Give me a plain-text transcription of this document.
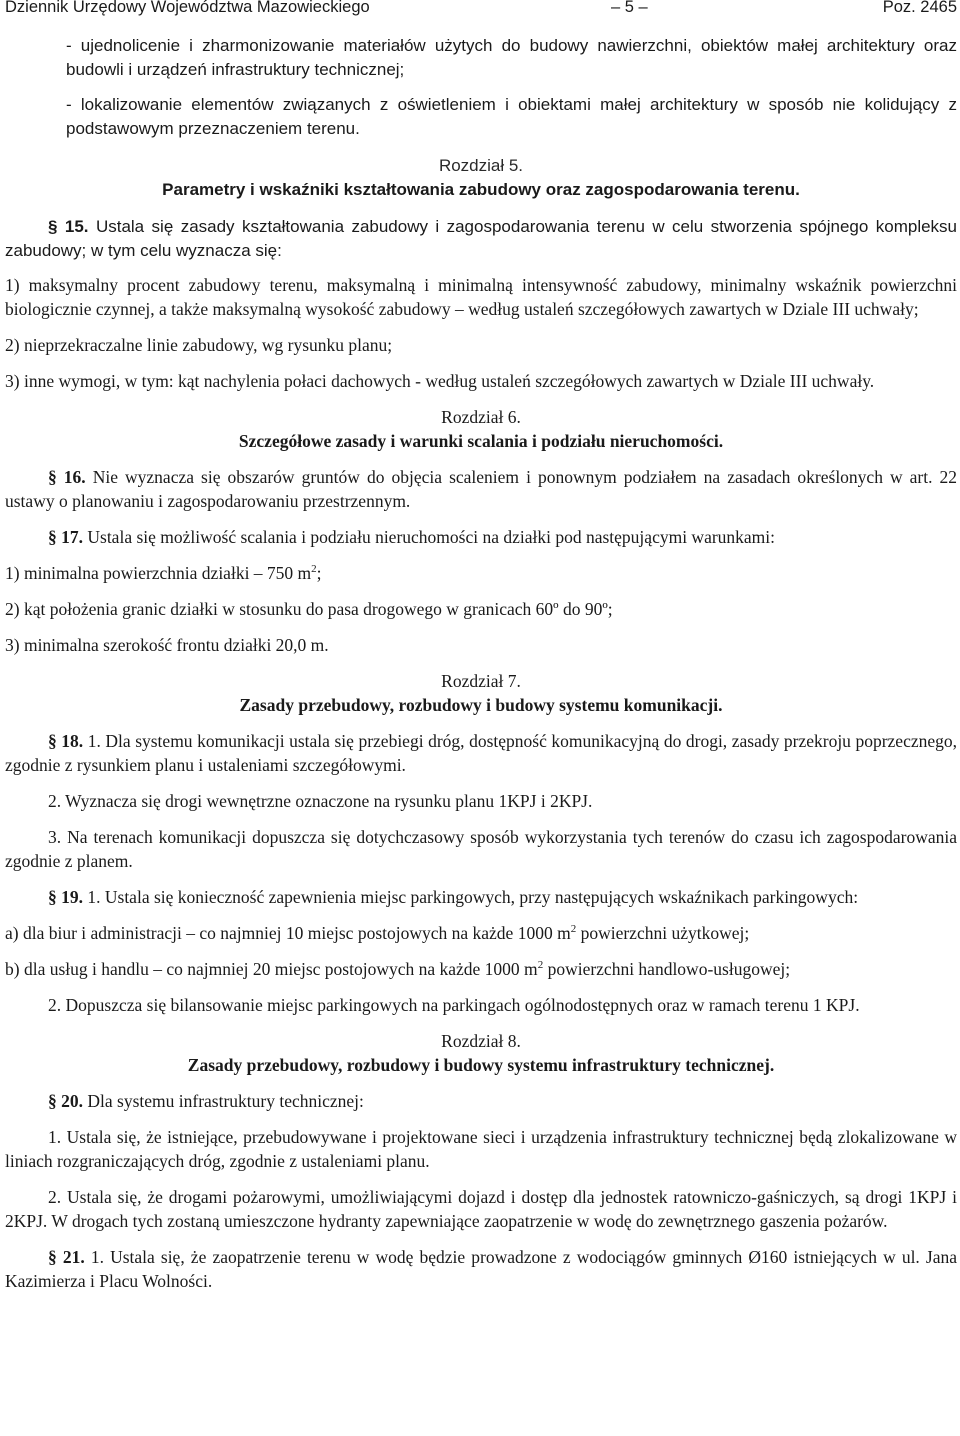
Dziennik Urzędowy Województwa Mazowieckiego	– 5 –	Poz. 2465

- ujednolicenie i zharmonizowanie materiałów użytych do budowy nawierzchni, obiektów małej architektury oraz budowli i urządzeń infrastruktury technicznej;

- lokalizowanie elementów związanych z oświetleniem i obiektami małej architektury w sposób nie kolidujący z podstawowym przeznaczeniem terenu.

Rozdział 5.

Parametry i wskaźniki kształtowania zabudowy oraz zagospodarowania terenu.

§ 15. Ustala się zasady kształtowania zabudowy i zagospodarowania terenu w celu stworzenia spójnego kompleksu zabudowy; w tym celu wyznacza się:

1) maksymalny procent zabudowy terenu, maksymalną i minimalną intensywność zabudowy, minimalny wskaźnik powierzchni biologicznie czynnej, a także maksymalną wysokość zabudowy – według ustaleń szczegółowych zawartych w Dziale III uchwały;

2) nieprzekraczalne linie zabudowy, wg rysunku planu;

3) inne wymogi, w tym: kąt nachylenia połaci dachowych - według ustaleń szczegółowych zawartych w Dziale III uchwały.

Rozdział 6.

Szczegółowe zasady i warunki scalania i podziału nieruchomości.

§ 16. Nie wyznacza się obszarów gruntów do objęcia scaleniem i ponownym podziałem na zasadach określonych w art. 22 ustawy o planowaniu i zagospodarowaniu przestrzennym.

§ 17. Ustala się możliwość scalania i podziału nieruchomości na działki pod następującymi warunkami:

1) minimalna powierzchnia działki – 750 $m^2$;

2) kąt położenia granic działki w stosunku do pasa drogowego w granicach 60º do 90º;

3) minimalna szerokość frontu działki 20,0 m.

Rozdział 7.

Zasady przebudowy, rozbudowy i budowy systemu komunikacji.

§ 18. 1. Dla systemu komunikacji ustala się przebiegi dróg, dostępność komunikacyjną do drogi, zasady przekroju poprzecznego, zgodnie z rysunkiem planu i ustaleniami szczegółowymi.

2. Wyznacza się drogi wewnętrzne oznaczone na rysunku planu 1KPJ i 2KPJ.

3. Na terenach komunikacji dopuszcza się dotychczasowy sposób wykorzystania tych terenów do czasu ich zagospodarowania zgodnie z planem.

§ 19. 1. Ustala się konieczność zapewnienia miejsc parkingowych, przy następujących wskaźnikach parkingowych:

a) dla biur i administracji – co najmniej 10 miejsc postojowych na każde 1000 $m^2$ powierzchni użytkowej;

b) dla usług i handlu – co najmniej 20 miejsc postojowych na każde 1000 $m^2$ powierzchni handlowo-usługowej;

2. Dopuszcza się bilansowanie miejsc parkingowych na parkingach ogólnodostępnych oraz w ramach terenu 1 KPJ.

Rozdział 8.

Zasady przebudowy, rozbudowy i budowy systemu infrastruktury technicznej.

§ 20. Dla systemu infrastruktury technicznej:

1. Ustala się, że istniejące, przebudowywane i projektowane sieci i urządzenia infrastruktury technicznej będą zlokalizowane w liniach rozgraniczających dróg, zgodnie z ustaleniami planu.

2. Ustala się, że drogami pożarowymi, umożliwiającymi dojazd i dostęp dla jednostek ratowniczo-gaśniczych, są drogi 1KPJ i 2KPJ. W drogach tych zostaną umieszczone hydranty zapewniające zaopatrzenie w wodę do zewnętrznego gaszenia pożarów.

§ 21. 1. Ustala się, że zaopatrzenie terenu w wodę będzie prowadzone z wodociągów gminnych Ø160 istniejących w ul. Jana Kazimierza i Placu Wolności.
